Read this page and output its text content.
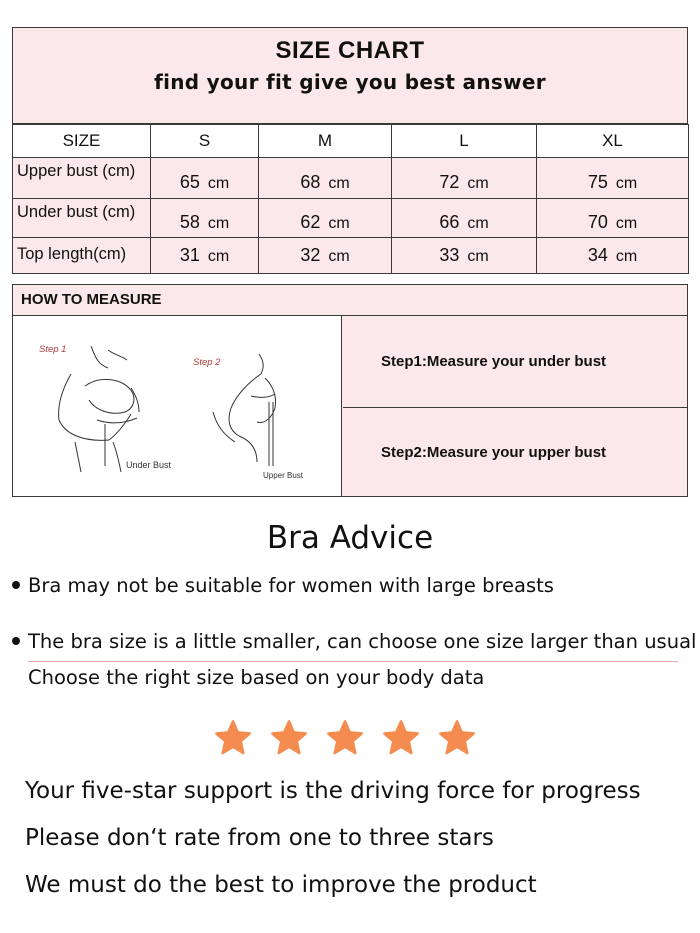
SIZE CHART
find your fit give you best answer
SIZE	S	M	L	XL
Upper bust (cm)	65 cm	68 cm	72 cm	75 cm
Under bust (cm)	58 cm	62 cm	66 cm	70 cm
Top length(cm)	31 cm	32 cm	33 cm	34 cm
HOW TO MEASURE
Step 1
Step 2
Under Bust
Upper Bust
Step1:Measure your under bust
Step2:Measure your upper bust
Bra Advice
Bra may not be suitable for women with large breasts
The bra size is a little smaller, can choose one size larger than usual
Choose the right size based on your body data
Your five-star support is the driving force for progress
Please don‘t rate from one to three stars
We must do the best to improve the product
